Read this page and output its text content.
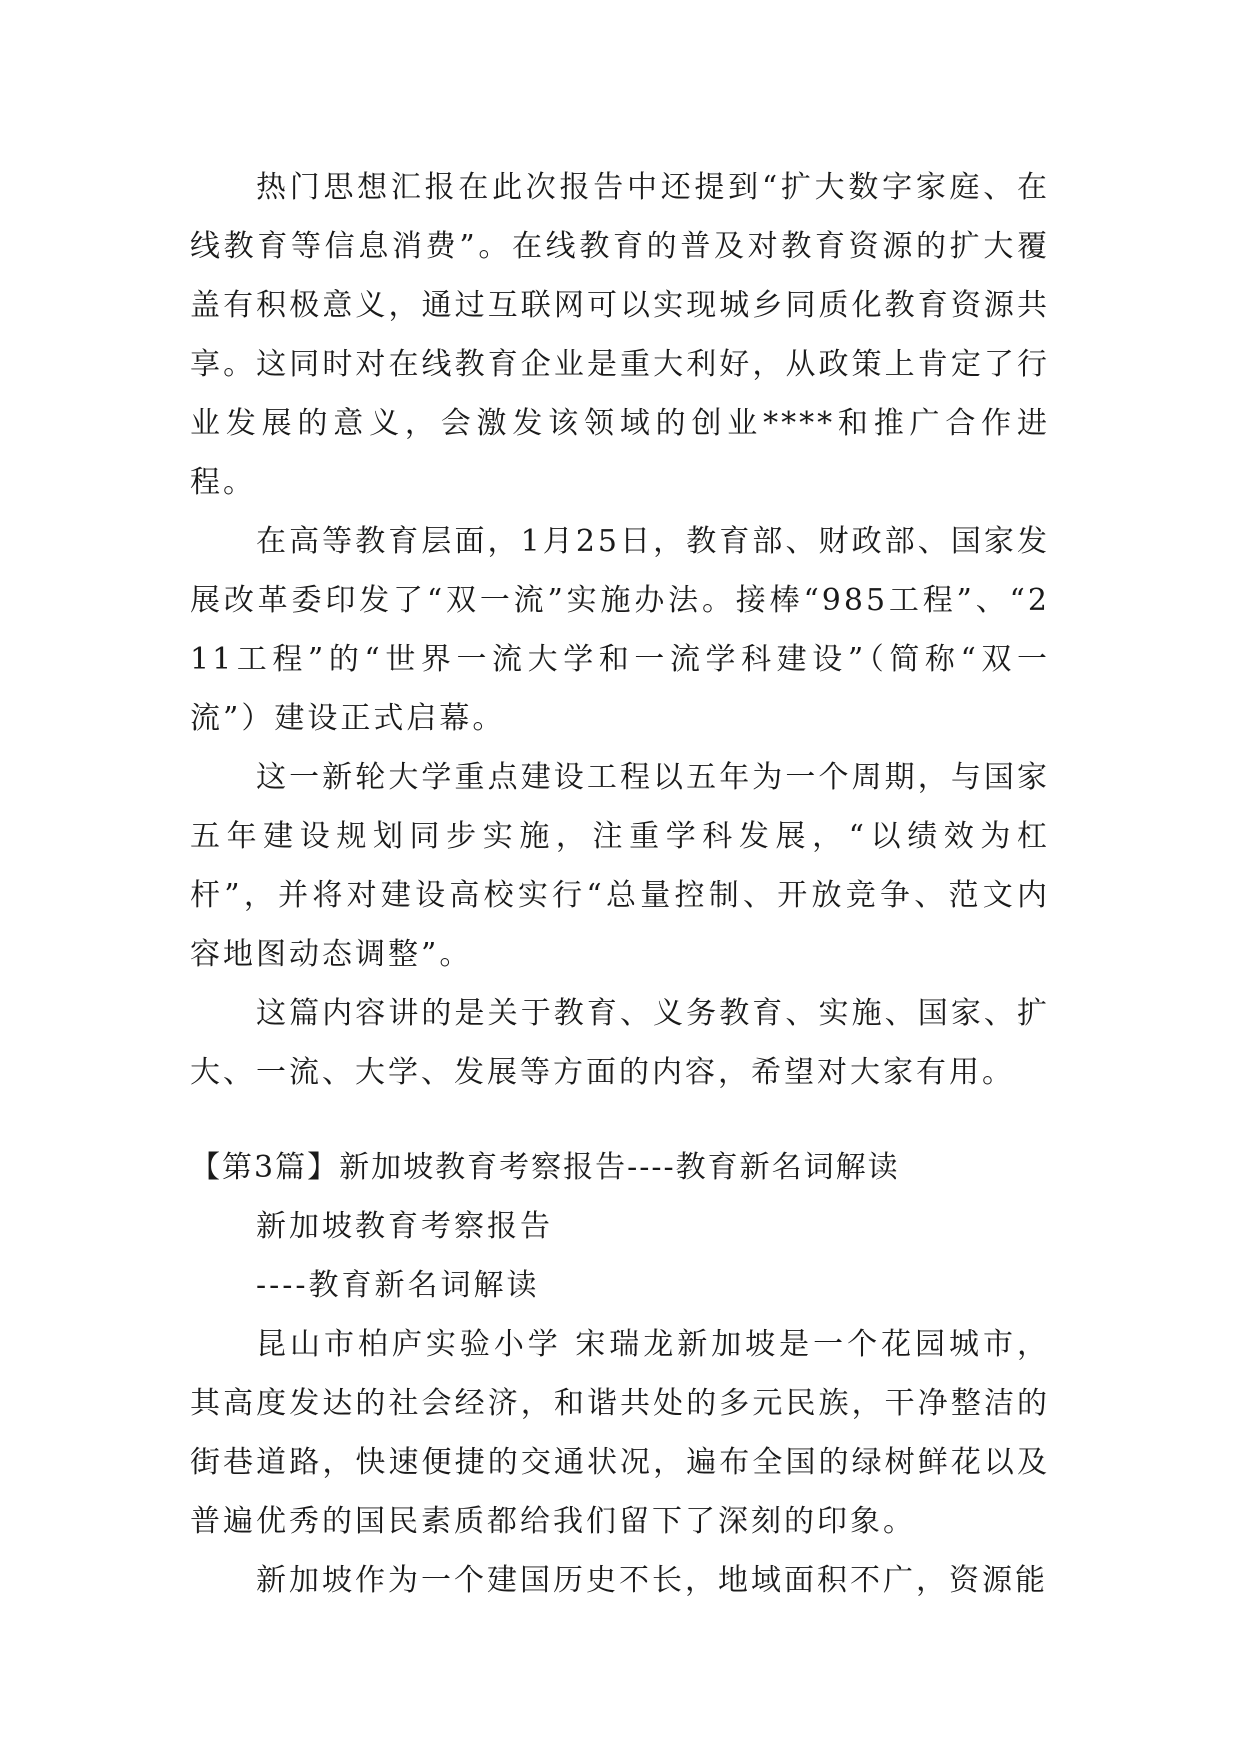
热门思想汇报在此次报告中还提到“扩大数字家庭、在线教育等信息消费”。在线教育的普及对教育资源的扩大覆盖有积极意义，通过互联网可以实现城乡同质化教育资源共享。这同时对在线教育企业是重大利好，从政策上肯定了行业发展的意义，会激发该领域的创业****和推广合作进程。

在高等教育层面，1月25日，教育部、财政部、国家发展改革委印发了“双一流”实施办法。接棒“985工程”、“211工程”的“世界一流大学和一流学科建设”（简称“双一流”）建设正式启幕。

这一新轮大学重点建设工程以五年为一个周期，与国家五年建设规划同步实施，注重学科发展，“以绩效为杠杆”，并将对建设高校实行“总量控制、开放竞争、范文内容地图动态调整”。

这篇内容讲的是关于教育、义务教育、实施、国家、扩大、一流、大学、发展等方面的内容，希望对大家有用。

【第3篇】新加坡教育考察报告----教育新名词解读

新加坡教育考察报告

----教育新名词解读

昆山市柏庐实验小学 宋瑞龙新加坡是一个花园城市，其高度发达的社会经济，和谐共处的多元民族，干净整洁的街巷道路，快速便捷的交通状况，遍布全国的绿树鲜花以及普遍优秀的国民素质都给我们留下了深刻的印象。

新加坡作为一个建国历史不长，地域面积不广，资源能
